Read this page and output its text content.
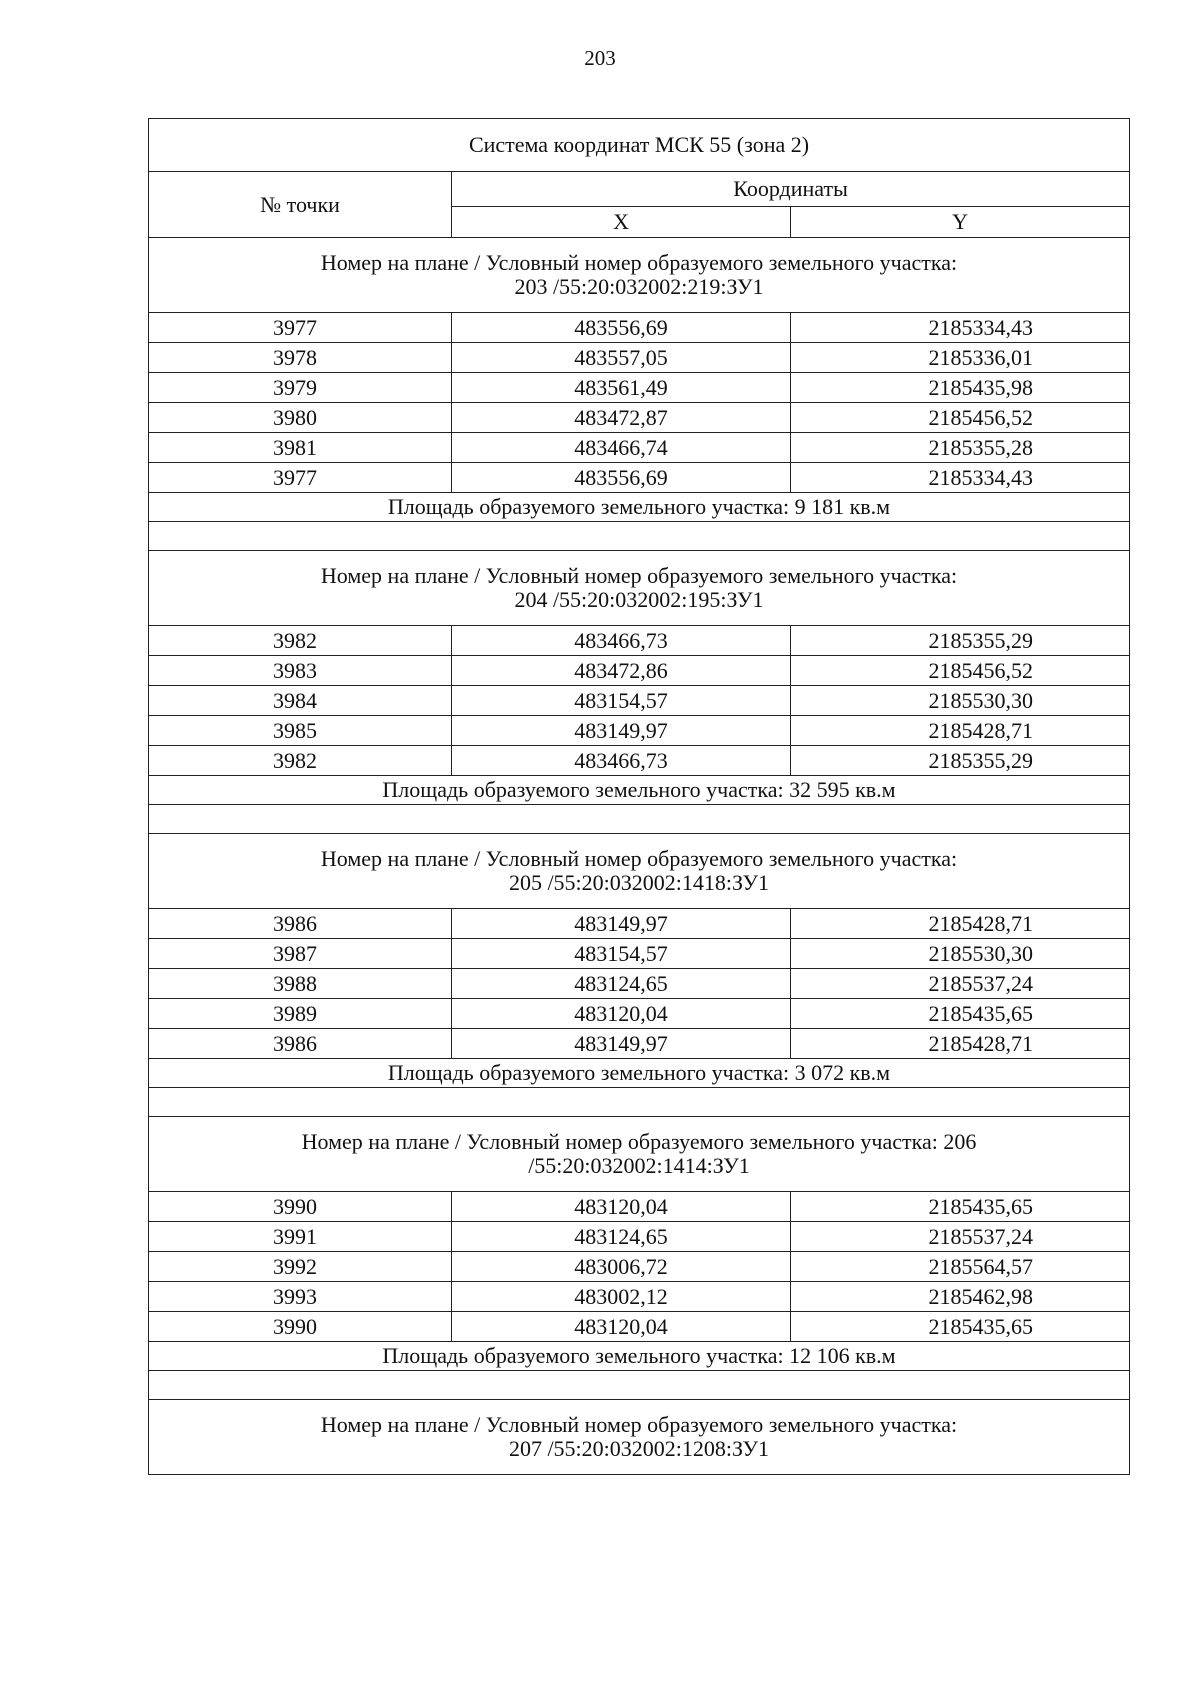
203
Система координат МСК 55 (зона 2)		
№ точки	Координаты	
	X	Y

Номер на плане / Условный номер образуемого земельного участка:
203 /55:20:032002:219:ЗУ1		

3977	483556,69	2185334,43
3978	483557,05	2185336,01
3979	483561,49	2185435,98
3980	483472,87	2185456,52
3981	483466,74	2185355,28
3977	483556,69	2185334,43
Площадь образуемого земельного участка: 9 181 кв.м		

Номер на плане / Условный номер образуемого земельного участка:
204 /55:20:032002:195:ЗУ1		

3982	483466,73	2185355,29
3983	483472,86	2185456,52
3984	483154,57	2185530,30
3985	483149,97	2185428,71
3982	483466,73	2185355,29
Площадь образуемого земельного участка: 32 595 кв.м		

Номер на плане / Условный номер образуемого земельного участка:
205 /55:20:032002:1418:ЗУ1		

3986	483149,97	2185428,71
3987	483154,57	2185530,30
3988	483124,65	2185537,24
3989	483120,04	2185435,65
3986	483149,97	2185428,71
Площадь образуемого земельного участка: 3 072 кв.м		

Номер на плане / Условный номер образуемого земельного участка: 206
/55:20:032002:1414:ЗУ1		

3990	483120,04	2185435,65
3991	483124,65	2185537,24
3992	483006,72	2185564,57
3993	483002,12	2185462,98
3990	483120,04	2185435,65
Площадь образуемого земельного участка: 12 106 кв.м		

Номер на плане / Условный номер образуемого земельного участка:
207 /55:20:032002:1208:ЗУ1		
